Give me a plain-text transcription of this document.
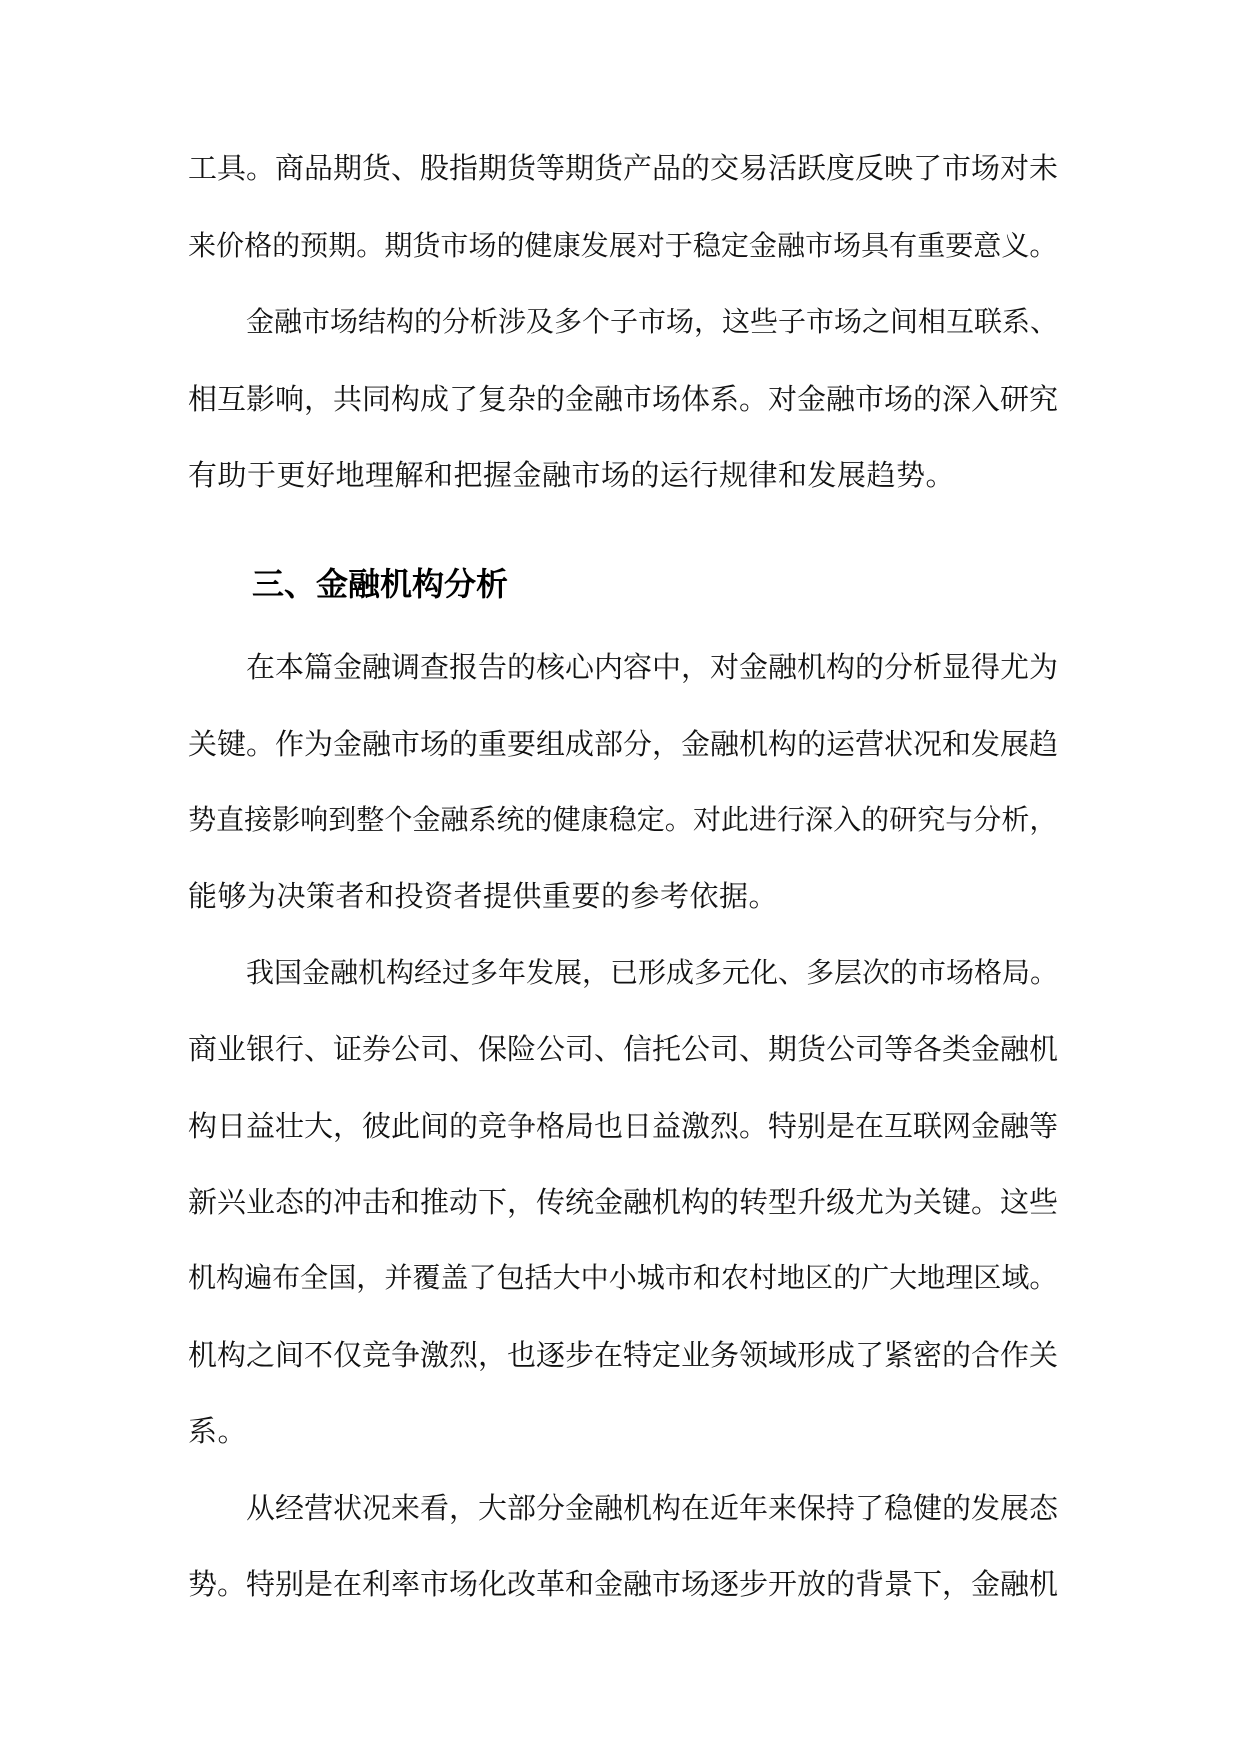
工具。商品期货、股指期货等期货产品的交易活跃度反映了市场对未
来价格的预期。期货市场的健康发展对于稳定金融市场具有重要意义。
金融市场结构的分析涉及多个子市场，这些子市场之间相互联系、
相互影响，共同构成了复杂的金融市场体系。对金融市场的深入研究
有助于更好地理解和把握金融市场的运行规律和发展趋势。
三、金融机构分析
在本篇金融调查报告的核心内容中，对金融机构的分析显得尤为
关键。作为金融市场的重要组成部分，金融机构的运营状况和发展趋
势直接影响到整个金融系统的健康稳定。对此进行深入的研究与分析，
能够为决策者和投资者提供重要的参考依据。
我国金融机构经过多年发展，已形成多元化、多层次的市场格局。
商业银行、证券公司、保险公司、信托公司、期货公司等各类金融机
构日益壮大，彼此间的竞争格局也日益激烈。特别是在互联网金融等
新兴业态的冲击和推动下，传统金融机构的转型升级尤为关键。这些
机构遍布全国，并覆盖了包括大中小城市和农村地区的广大地理区域。
机构之间不仅竞争激烈，也逐步在特定业务领域形成了紧密的合作关
系。
从经营状况来看，大部分金融机构在近年来保持了稳健的发展态
势。特别是在利率市场化改革和金融市场逐步开放的背景下，金融机
